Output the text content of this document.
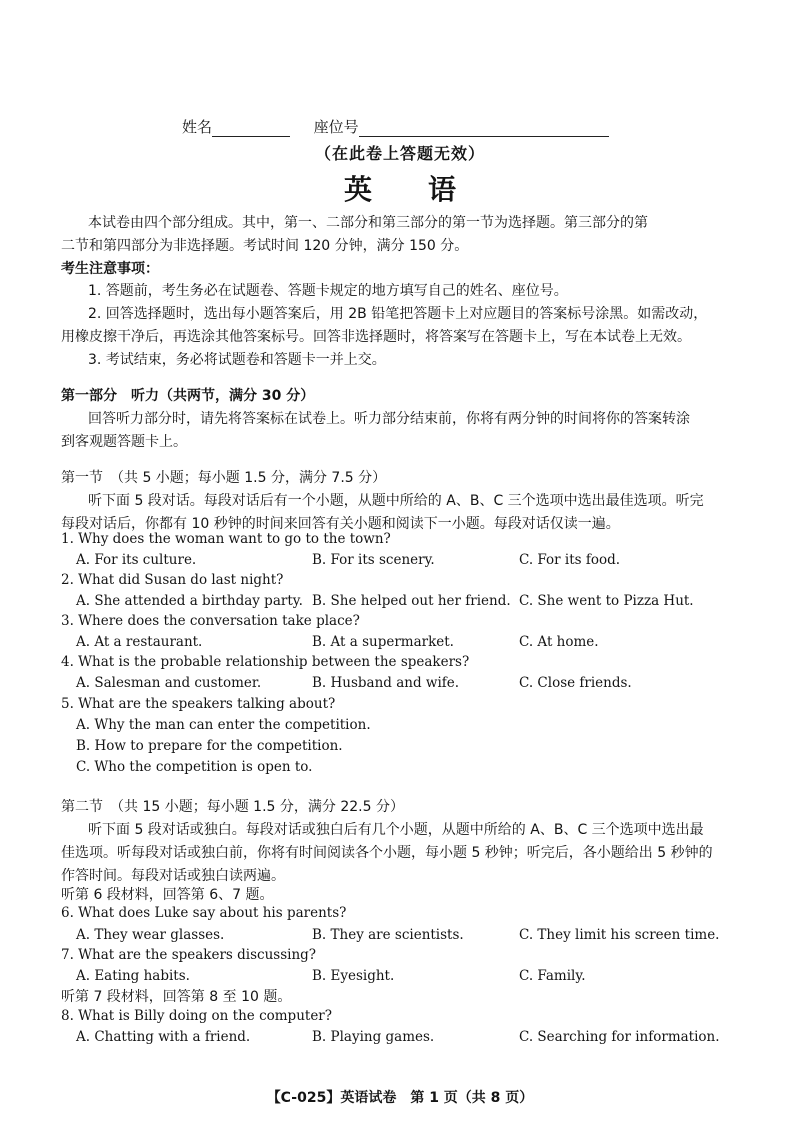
姓名	座位号
（在此卷上答题无效）
英 语
本试卷由四个部分组成。其中，第一、二部分和第三部分的第一节为选择题。第三部分的第
二节和第四部分为非选择题。考试时间 120 分钟，满分 150 分。
考生注意事项：
1. 答题前，考生务必在试题卷、答题卡规定的地方填写自己的姓名、座位号。
2. 回答选择题时，选出每小题答案后，用 2B 铅笔把答题卡上对应题目的答案标号涂黑。如需改动，
用橡皮擦干净后，再选涂其他答案标号。回答非选择题时，将答案写在答题卡上，写在本试卷上无效。
3. 考试结束，务必将试题卷和答题卡一并上交。
第一部分　听力（共两节，满分 30 分）
回答听力部分时，请先将答案标在试卷上。听力部分结束前，你将有两分钟的时间将你的答案转涂
到客观题答题卡上。
第一节　（共 5 小题；每小题 1.5 分，满分 7.5 分）
听下面 5 段对话。每段对话后有一个小题，从题中所给的 A、B、C 三个选项中选出最佳选项。听完
每段对话后，你都有 10 秒钟的时间来回答有关小题和阅读下一小题。每段对话仅读一遍。
1. Why does the woman want to go to the town?
A. For its culture.	B. For its scenery.	C. For its food.
2. What did Susan do last night?
A. She attended a birthday party. B. She helped out her friend. C. She went to Pizza Hut.
3. Where does the conversation take place?
A. At a restaurant.	B. At a supermarket.	C. At home.
4. What is the probable relationship between the speakers?
A. Salesman and customer.	B. Husband and wife.	C. Close friends.
5. What are the speakers talking about?
A. Why the man can enter the competition.
B. How to prepare for the competition.
C. Who the competition is open to.
第二节　（共 15 小题；每小题 1.5 分，满分 22.5 分）
听下面 5 段对话或独白。每段对话或独白后有几个小题，从题中所给的 A、B、C 三个选项中选出最
佳选项。听每段对话或独白前，你将有时间阅读各个小题，每小题 5 秒钟；听完后，各小题给出 5 秒钟的
作答时间。每段对话或独白读两遍。
听第 6 段材料，回答第 6、7 题。
6. What does Luke say about his parents?
A. They wear glasses.	B. They are scientists.	C. They limit his screen time.
7. What are the speakers discussing?
A. Eating habits.	B. Eyesight.	C. Family.
听第 7 段材料，回答第 8 至 10 题。
8. What is Billy doing on the computer?
A. Chatting with a friend.	B. Playing games.	C. Searching for information.
【C-025】英语试卷　第 1 页（共 8 页）
